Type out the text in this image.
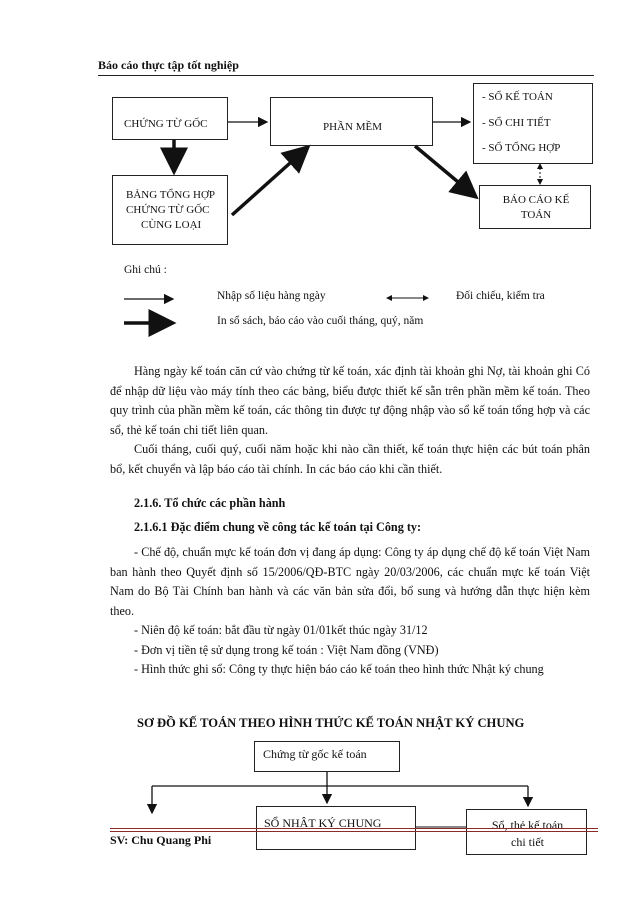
Báo cáo thực tập tốt nghiệp
CHỨNG TỪ GỐC	PHẦN MỀM
- SỔ KẾ TOÁN
- SỔ CHI TIẾT
- SỔ TỔNG HỢP
BẢNG TỔNG HỢP
CHỨNG TỪ GỐC
CÙNG LOẠI
BÁO CÁO KẾ
TOÁN
Ghi chú :
Nhập số liệu hàng ngày	Đối chiếu, kiểm tra
In sổ sách, báo cáo vào cuối tháng, quý, năm

Hàng ngày kế toán căn cứ vào chứng từ kế toán, xác định tài khoản ghi Nợ, tài khoản ghi Có để nhập dữ liệu vào máy tính theo các bảng, biểu được thiết kế sẵn trên phần mềm kế toán. Theo quy trình của phần mềm kế toán, các thông tin được tự động nhập vào sổ kế toán tổng hợp và các sổ, thẻ kế toán chi tiết liên quan.

Cuối tháng, cuối quý, cuối năm hoặc khi nào cần thiết, kế toán thực hiện các bút toán phân bổ, kết chuyển và lập báo cáo tài chính. In các báo cáo khi cần thiết.

2.1.6. Tổ chức các phần hành
2.1.6.1 Đặc điểm chung về công tác kế toán tại Công ty:

- Chế độ, chuẩn mực kế toán đơn vị đang áp dụng: Công ty áp dụng chế độ kế toán Việt Nam ban hành theo Quyết định số 15/2006/QĐ-BTC ngày 20/03/2006, các chuẩn mực kế toán Việt Nam do Bộ Tài Chính ban hành và các văn bản sửa đổi, bổ sung và hướng dẫn thực hiện kèm theo.

- Niên độ kế toán: bắt đầu từ ngày 01/01kết thúc ngày 31/12

- Đơn vị tiền tệ sử dụng trong kế toán : Việt Nam đồng (VNĐ)

- Hình thức ghi sổ: Công ty thực hiện báo cáo kế toán theo hình thức Nhật ký chung

SƠ ĐỒ KẾ TOÁN THEO HÌNH THỨC KẾ TOÁN NHẬT KÝ CHUNG
Chứng từ gốc kế toán
SỔ NHẬT KÝ CHUNG	Sổ, thẻ kế toán
chi tiết
SV: Chu Quang Phi
